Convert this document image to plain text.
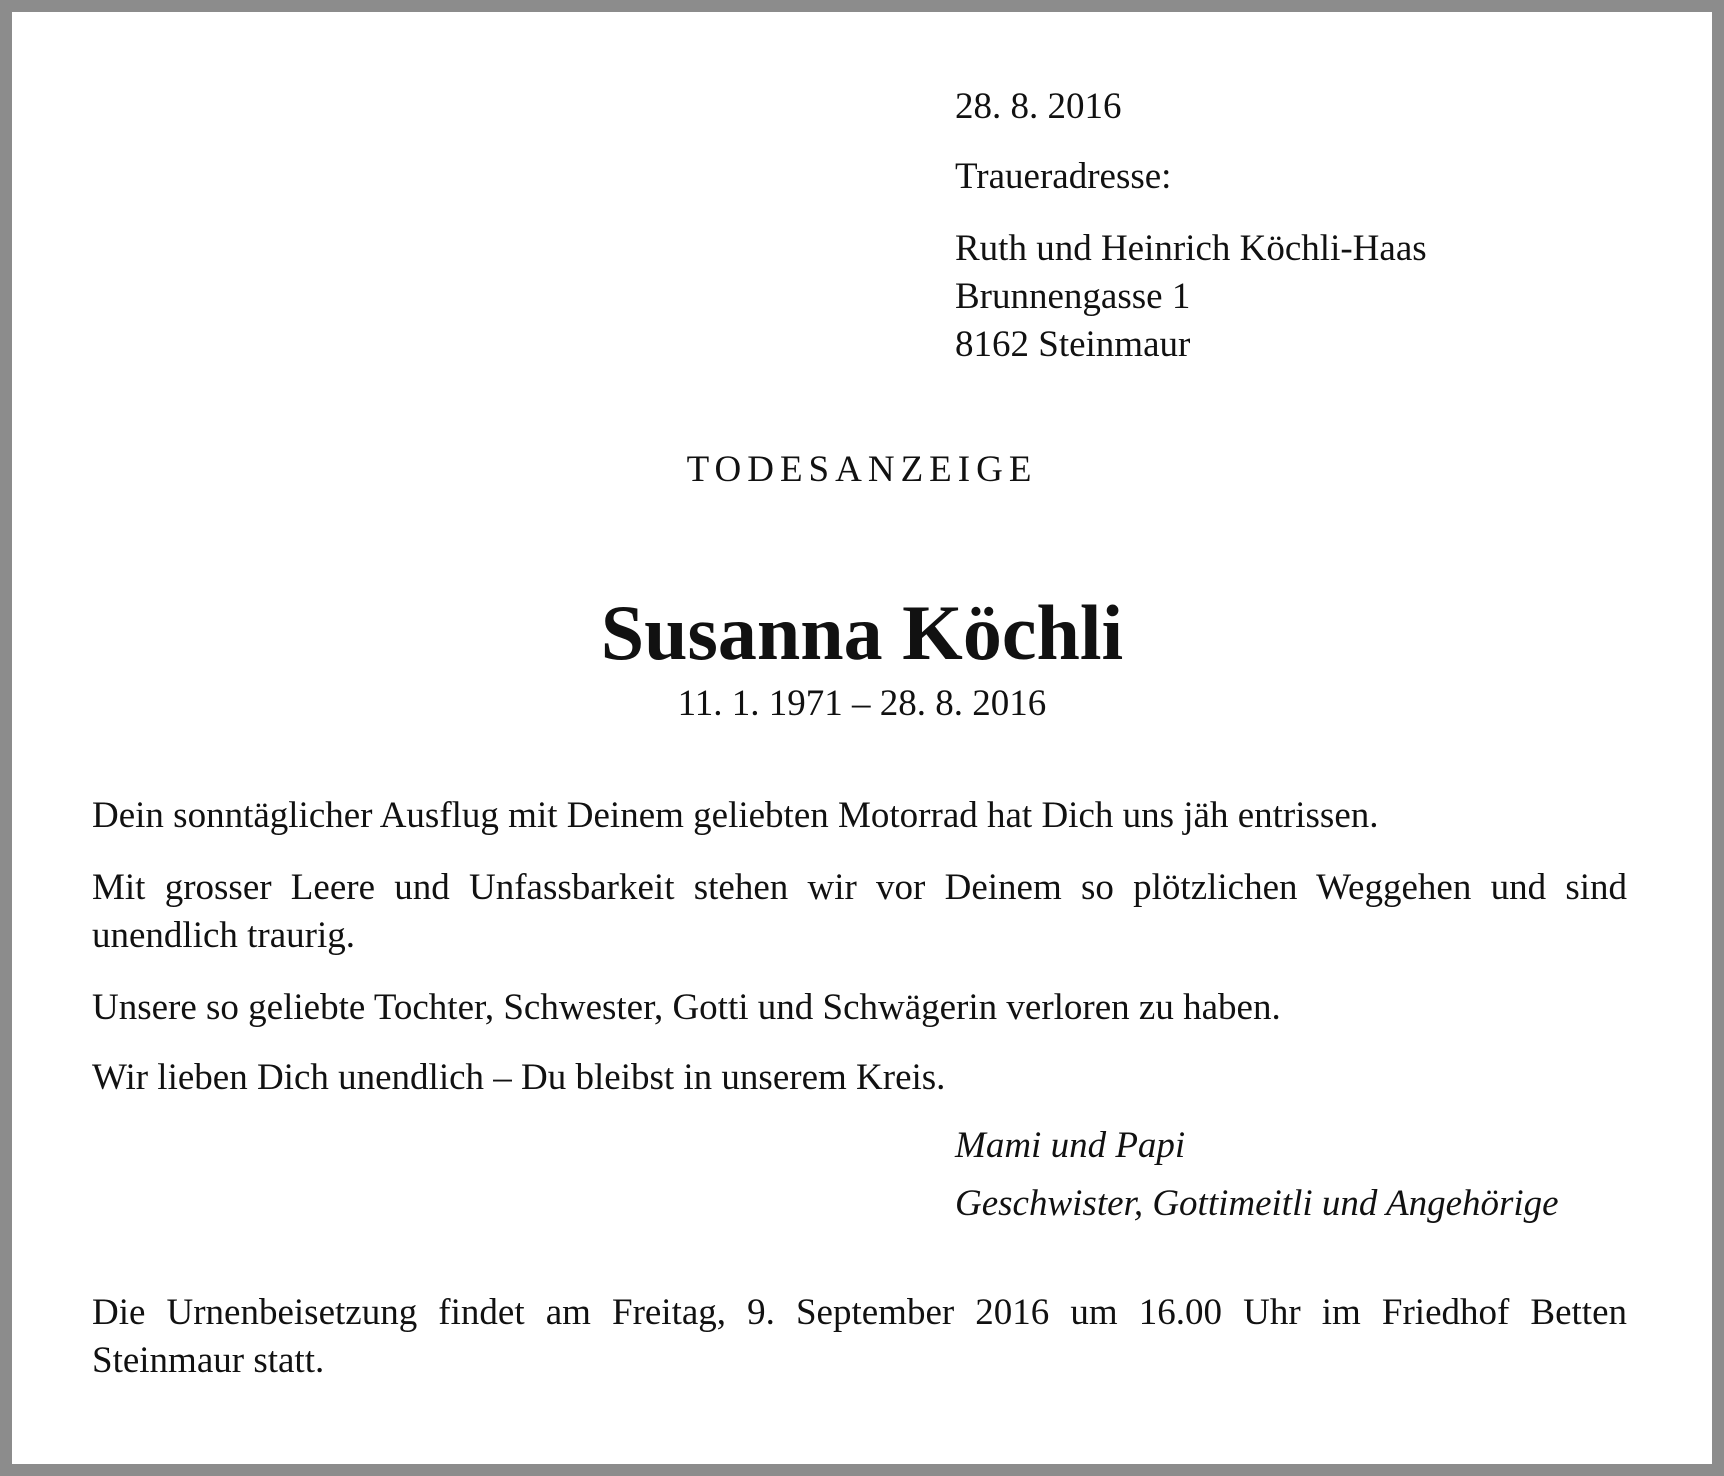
28. 8. 2016
Traueradresse:
Ruth und Heinrich Köchli-Haas
Brunnengasse 1
8162 Steinmaur
TODESANZEIGE
Susanna Köchli
11. 1. 1971 – 28. 8. 2016

Dein sonntäglicher Ausflug mit Deinem geliebten Motorrad hat Dich uns jäh entrissen.

Mit grosser Leere und Unfassbarkeit stehen wir vor Deinem so plötzlichen Weggehen und sind unendlich traurig.

Unsere so geliebte Tochter, Schwester, Gotti und Schwägerin verloren zu haben.

Wir lieben Dich unendlich – Du bleibst in unserem Kreis.

Mami und Papi
Geschwister, Gottimeitli und Angehörige

Die Urnenbeisetzung findet am Freitag, 9. September 2016 um 16.00 Uhr im Friedhof Betten Steinmaur statt.
